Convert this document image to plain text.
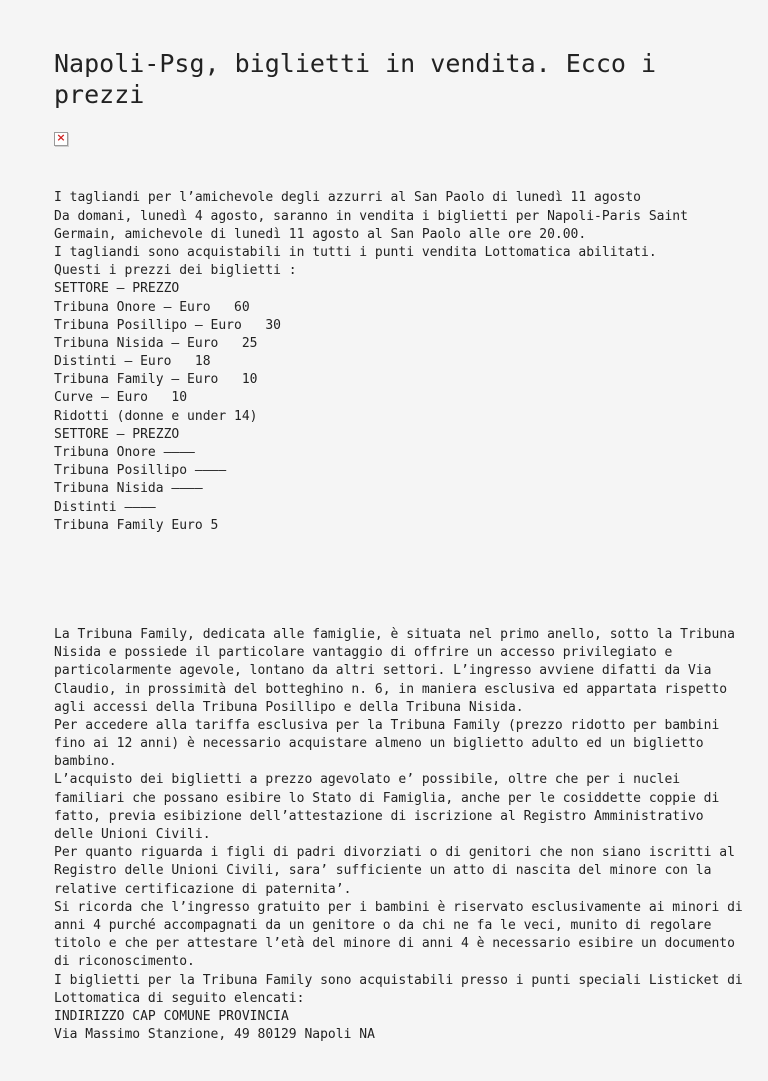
Napoli-Psg, biglietti in vendita. Ecco i prezzi
×

I tagliandi per l’amichevole degli azzurri al San Paolo di lunedì 11 agosto
Da domani, lunedì 4 agosto, saranno in vendita i biglietti per Napoli-Paris Saint
Germain, amichevole di lunedì 11 agosto al San Paolo alle ore 20.00.
I tagliandi sono acquistabili in tutti i punti vendita Lottomatica abilitati.
Questi i prezzi dei biglietti :
SETTORE – PREZZO
Tribuna Onore – Euro   60
Tribuna Posillipo – Euro   30
Tribuna Nisida – Euro   25
Distinti – Euro   18
Tribuna Family – Euro   10
Curve – Euro   10
Ridotti (donne e under 14)
SETTORE – PREZZO
Tribuna Onore ————
Tribuna Posillipo ————
Tribuna Nisida ————
Distinti ————
Tribuna Family Euro 5

La Tribuna Family, dedicata alle famiglie, è situata nel primo anello, sotto la Tribuna
Nisida e possiede il particolare vantaggio di offrire un accesso privilegiato e
particolarmente agevole, lontano da altri settori. L’ingresso avviene difatti da Via
Claudio, in prossimità del botteghino n. 6, in maniera esclusiva ed appartata rispetto
agli accessi della Tribuna Posillipo e della Tribuna Nisida.
Per accedere alla tariffa esclusiva per la Tribuna Family (prezzo ridotto per bambini
fino ai 12 anni) è necessario acquistare almeno un biglietto adulto ed un biglietto
bambino.
L’acquisto dei biglietti a prezzo agevolato e’ possibile, oltre che per i nuclei
familiari che possano esibire lo Stato di Famiglia, anche per le cosiddette coppie di
fatto, previa esibizione dell’attestazione di iscrizione al Registro Amministrativo
delle Unioni Civili.
Per quanto riguarda i figli di padri divorziati o di genitori che non siano iscritti al
Registro delle Unioni Civili, sara’ sufficiente un atto di nascita del minore con la
relative certificazione di paternita’.
Si ricorda che l’ingresso gratuito per i bambini è riservato esclusivamente ai minori di
anni 4 purché accompagnati da un genitore o da chi ne fa le veci, munito di regolare
titolo e che per attestare l’età del minore di anni 4 è necessario esibire un documento
di riconoscimento.
I biglietti per la Tribuna Family sono acquistabili presso i punti speciali Listicket di
Lottomatica di seguito elencati:
INDIRIZZO CAP COMUNE PROVINCIA
Via Massimo Stanzione, 49 80129 Napoli NA
